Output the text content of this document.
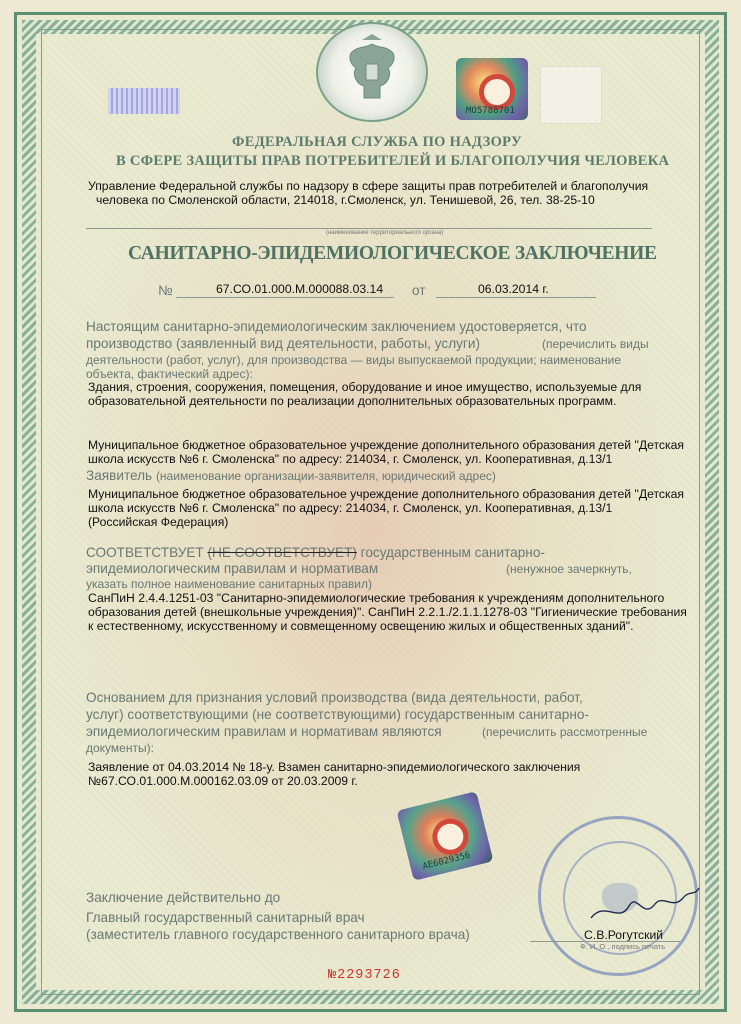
MO5788701

ФЕДЕРАЛЬНАЯ СЛУЖБА ПО НАДЗОРУ

В СФЕРЕ ЗАЩИТЫ ПРАВ ПОТРЕБИТЕЛЕЙ И БЛАГОПОЛУЧИЯ ЧЕЛОВЕКА

Управление Федеральной службы по надзору в сфере защиты прав потребителей и благополучия

человека по Смоленской области, 214018, г.Смоленск, ул. Тенишевой, 26, тел. 38-25-10

(наименование территориального органа)

САНИТАРНО-ЭПИДЕМИОЛОГИЧЕСКОЕ ЗАКЛЮЧЕНИЕ

№	67.СО.01.000.М.000088.03.14 от	06.03.2014 г.

Настоящим санитарно-эпидемиологическим заключением удостоверяется, что

производство (заявленный вид деятельности, работы, услуги)	(перечислить виды

деятельности (работ, услуг), для производства — виды выпускаемой продукции; наименование

объекта, фактический адрес):

Здания, строения, сооружения, помещения, оборудование и иное имущество, используемые для

образовательной деятельности по реализации дополнительных образовательных программ.

Муниципальное бюджетное образовательное учреждение дополнительного образования детей "Детская

школа искусств №6 г. Смоленска" по адресу: 214034, г. Смоленск, ул. Кооперативная, д.13/1

Заявитель (наименование организации-заявителя, юридический адрес)

Муниципальное бюджетное образовательное учреждение дополнительного образования детей "Детская

школа искусств №6 г. Смоленска" по адресу: 214034, г. Смоленск, ул. Кооперативная, д.13/1

(Российская Федерация)

СООТВЕТСТВУЕТ (НЕ СООТВЕТСТВУЕТ) государственным санитарно-

эпидемиологическим правилам и нормативам	(ненужное зачеркнуть,

указать полное наименование санитарных правил)

СанПиН 2.4.4.1251-03 "Санитарно-эпидемиологические требования к учреждениям дополнительного

образования детей (внешкольные учреждения)". СанПиН 2.2.1./2.1.1.1278-03 "Гигиенические требования

к естественному, искусственному и совмещенному освещению жилых и общественных зданий".

Основанием для признания условий производства (вида деятельности, работ,

услуг) соответствующими (не соответствующими) государственным санитарно-

эпидемиологическим правилам и нормативам являются	(перечислить рассмотренные

документы):

Заявление от 04.03.2014 № 18-у. Взамен санитарно-эпидемиологического заключения

№67.СО.01.000.М.000162.03.09 от 20.03.2009 г.

АЕ6029356

Заключение действительно до

Главный государственный санитарный врач

(заместитель главного государственного санитарного врача)	С.В.Рогутский

Ф. И. О., подпись печать

№2293726
